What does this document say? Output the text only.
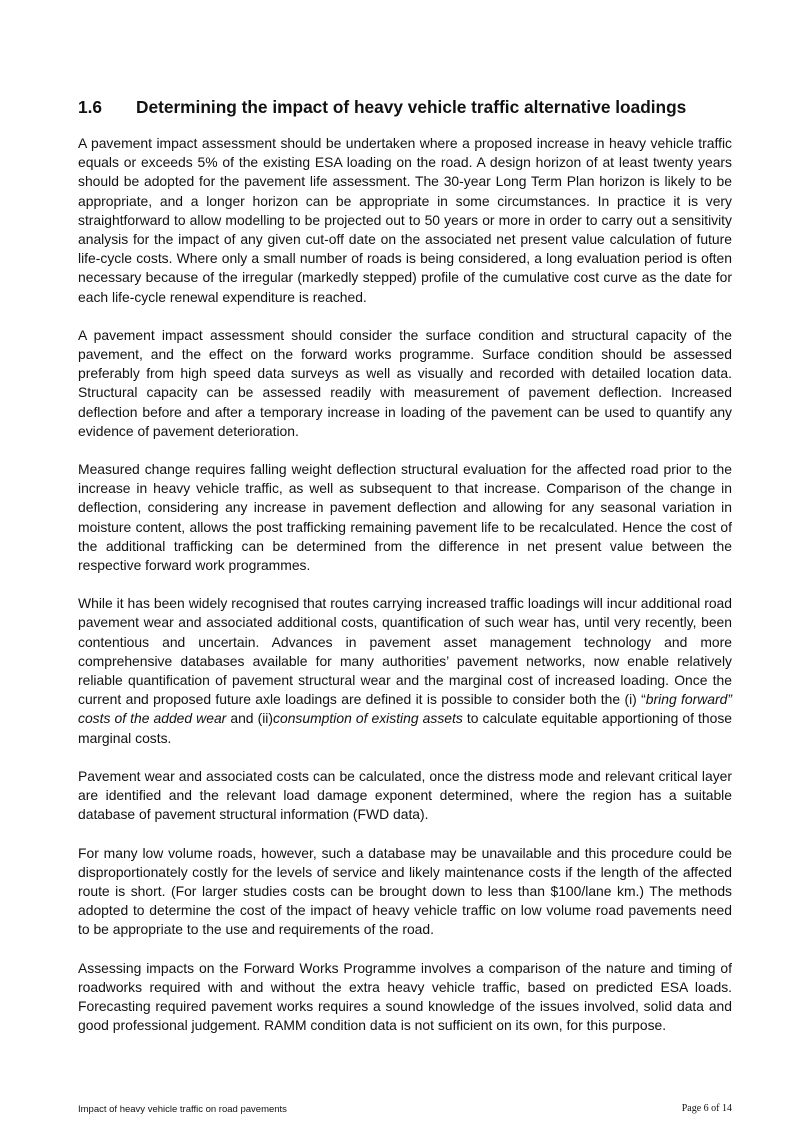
1.6 Determining the impact of heavy vehicle traffic alternative loadings

A pavement impact assessment should be undertaken where a proposed increase in heavy vehicle traffic equals or exceeds 5% of the existing ESA loading on the road. A design horizon of at least twenty years should be adopted for the pavement life assessment. The 30-year Long Term Plan horizon is likely to be appropriate, and a longer horizon can be appropriate in some circumstances. In practice it is very straightforward to allow modelling to be projected out to 50 years or more in order to carry out a sensitivity analysis for the impact of any given cut-off date on the associated net present value calculation of future life-cycle costs. Where only a small number of roads is being considered, a long evaluation period is often necessary because of the irregular (markedly stepped) profile of the cumulative cost curve as the date for each life-cycle renewal expenditure is reached.

A pavement impact assessment should consider the surface condition and structural capacity of the pavement, and the effect on the forward works programme. Surface condition should be assessed preferably from high speed data surveys as well as visually and recorded with detailed location data. Structural capacity can be assessed readily with measurement of pavement deflection. Increased deflection before and after a temporary increase in loading of the pavement can be used to quantify any evidence of pavement deterioration.

Measured change requires falling weight deflection structural evaluation for the affected road prior to the increase in heavy vehicle traffic, as well as subsequent to that increase. Comparison of the change in deflection, considering any increase in pavement deflection and allowing for any seasonal variation in moisture content, allows the post trafficking remaining pavement life to be recalculated. Hence the cost of the additional trafficking can be determined from the difference in net present value between the respective forward work programmes.

While it has been widely recognised that routes carrying increased traffic loadings will incur additional road pavement wear and associated additional costs, quantification of such wear has, until very recently, been contentious and uncertain. Advances in pavement asset management technology and more comprehensive databases available for many authorities’ pavement networks, now enable relatively reliable quantification of pavement structural wear and the marginal cost of increased loading. Once the current and proposed future axle loadings are defined it is possible to consider both the (i) “bring forward” costs of the added wear and (ii)consumption of existing assets to calculate equitable apportioning of those marginal costs.

Pavement wear and associated costs can be calculated, once the distress mode and relevant critical layer are identified and the relevant load damage exponent determined, where the region has a suitable database of pavement structural information (FWD data).

For many low volume roads, however, such a database may be unavailable and this procedure could be disproportionately costly for the levels of service and likely maintenance costs if the length of the affected route is short. (For larger studies costs can be brought down to less than $100/lane km.) The methods adopted to determine the cost of the impact of heavy vehicle traffic on low volume road pavements need to be appropriate to the use and requirements of the road.

Assessing impacts on the Forward Works Programme involves a comparison of the nature and timing of roadworks required with and without the extra heavy vehicle traffic, based on predicted ESA loads. Forecasting required pavement works requires a sound knowledge of the issues involved, solid data and good professional judgement. RAMM condition data is not sufficient on its own, for this purpose.

Impact of heavy vehicle traffic on road pavements	Page 6 of 14
